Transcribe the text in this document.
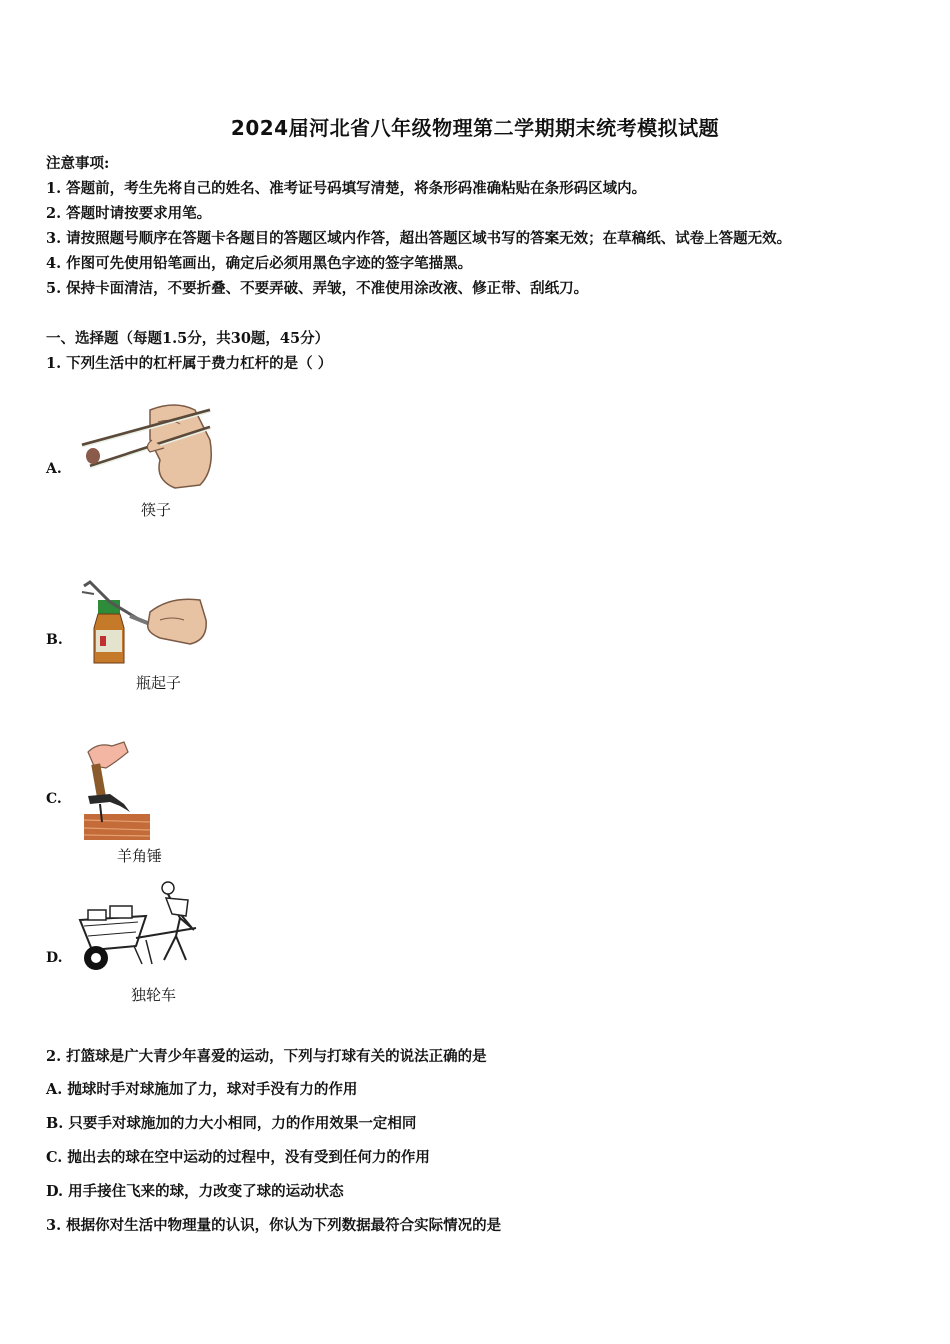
2024届河北省八年级物理第二学期期末统考模拟试题
注意事项:
1. 答题前，考生先将自己的姓名、准考证号码填写清楚，将条形码准确粘贴在条形码区域内。
2. 答题时请按要求用笔。
3. 请按照题号顺序在答题卡各题目的答题区域内作答，超出答题区域书写的答案无效；在草稿纸、试卷上答题无效。
4. 作图可先使用铅笔画出，确定后必须用黑色字迹的签字笔描黑。
5. 保持卡面清洁，不要折叠、不要弄破、弄皱，不准使用涂改液、修正带、刮纸刀。
一、选择题（每题1.5分，共30题，45分）
1. 下列生活中的杠杆属于费力杠杆的是（ ）
A.
筷子
B.
瓶起子
C.
羊角锤
D.
独轮车
2. 打篮球是广大青少年喜爱的运动，下列与打球有关的说法正确的是
A. 抛球时手对球施加了力，球对手没有力的作用
B. 只要手对球施加的力大小相同，力的作用效果一定相同
C. 抛出去的球在空中运动的过程中，没有受到任何力的作用
D. 用手接住飞来的球，力改变了球的运动状态
3. 根据你对生活中物理量的认识，你认为下列数据最符合实际情况的是
